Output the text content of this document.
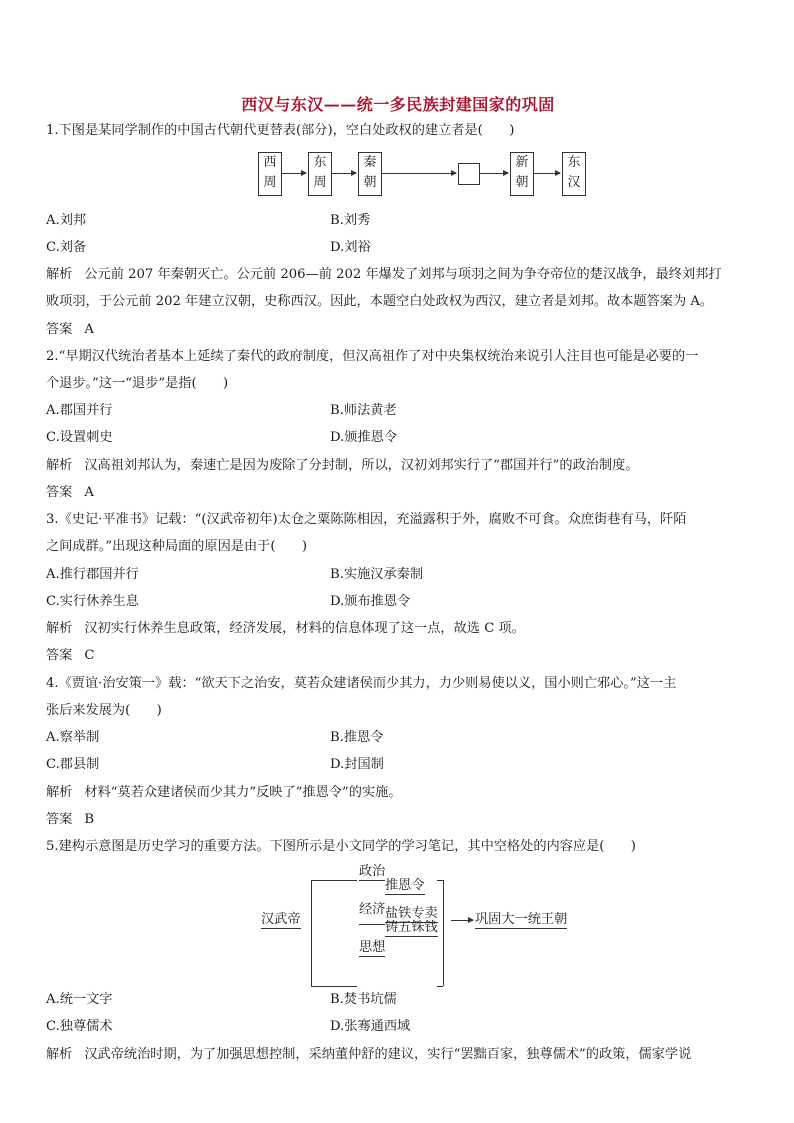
西汉与东汉——统一多民族封建国家的巩固
1.下图是某同学制作的中国古代朝代更替表(部分)，空白处政权的建立者是(　　)
西
周
东
周
秦
朝
新
朝
东
汉
A.刘邦	B.刘秀
C.刘备	D.刘裕
解析 公元前 207 年秦朝灭亡。公元前 206—前 202 年爆发了刘邦与项羽之间为争夺帝位的楚汉战争，最终刘邦打
败项羽，于公元前 202 年建立汉朝，史称西汉。因此，本题空白处政权为西汉，建立者是刘邦。故本题答案为 A。
答案 A
2.“早期汉代统治者基本上延续了秦代的政府制度，但汉高祖作了对中央集权统治来说引人注目也可能是必要的一
个退步。”这一“退步”是指(　　)
A.郡国并行	B.师法黄老
C.设置刺史	D.颁推恩令
解析 汉高祖刘邦认为，秦速亡是因为废除了分封制，所以，汉初刘邦实行了“郡国并行”的政治制度。
答案 A
3.《史记·平准书》记载：“(汉武帝初年)太仓之粟陈陈相因，充溢露积于外，腐败不可食。众庶街巷有马，阡陌
之间成群。”出现这种局面的原因是由于(　　)
A.推行郡国并行	B.实施汉承秦制
C.实行休养生息	D.颁布推恩令
解析 汉初实行休养生息政策，经济发展，材料的信息体现了这一点，故选 C 项。
答案 C
4.《贾谊·治安策一》载：“欲天下之治安，莫若众建诸侯而少其力，力少则易使以义，国小则亡邪心。”这一主
张后来发展为(　　)
A.察举制	B.推恩令
C.郡县制	D.封国制
解析 材料“莫若众建诸侯而少其力”反映了“推恩令”的实施。
答案 B
5.建构示意图是历史学习的重要方法。下图所示是小文同学的学习笔记，其中空格处的内容应是(　　)
汉武帝
政治
推恩令
经济 盐铁专卖
铸五铢钱
思想
巩固大一统王朝
A.统一文字	B.焚书坑儒
C.独尊儒术	D.张骞通西域
解析 汉武帝统治时期，为了加强思想控制，采纳董仲舒的建议，实行“罢黜百家，独尊儒术”的政策，儒家学说
